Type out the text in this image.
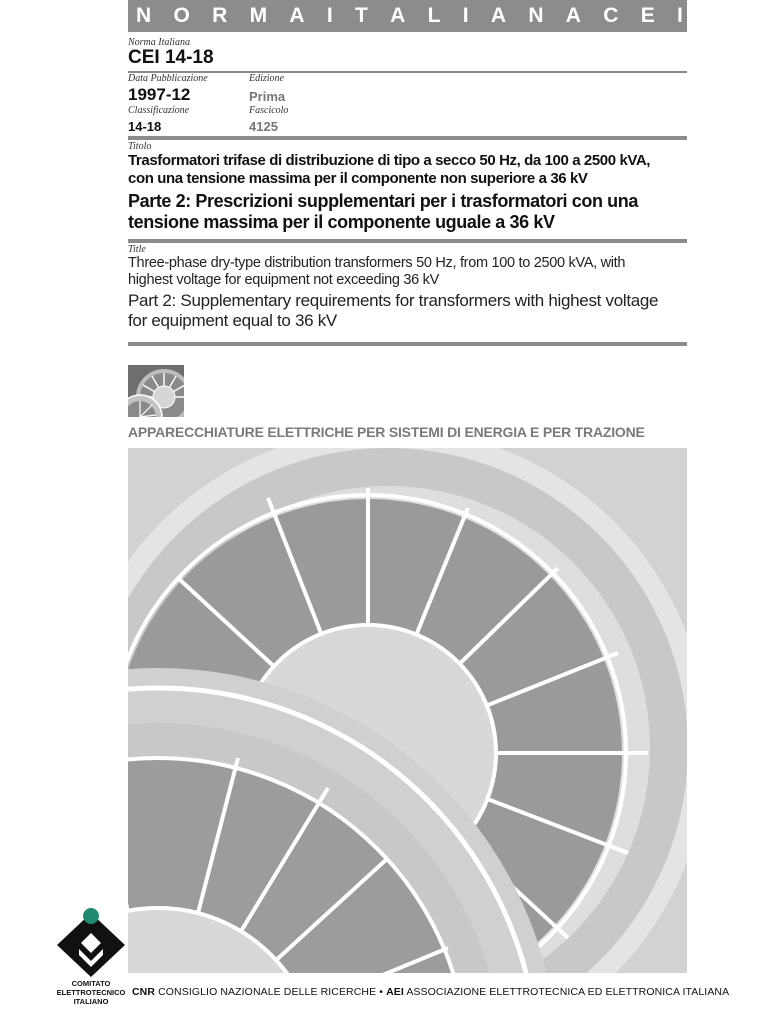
N O R M A I T A L I A N A C E I
Norma Italiana
CEI 14-18
Data Pubblicazione
1997-12
Edizione
Prima
Classificazione
14-18
Fascicolo
4125
Titolo
Trasformatori trifase di distribuzione di tipo a secco 50 Hz, da 100 a 2500 kVA,
con una tensione massima per il componente non superiore a 36 kV
Parte 2: Prescrizioni supplementari per i trasformatori con una
tensione massima per il componente uguale a 36 kV
Title
Three-phase dry-type distribution transformers 50 Hz, from 100 to 2500 kVA, with
highest voltage for equipment not exceeding 36 kV
Part 2: Supplementary requirements for transformers with highest voltage
for equipment equal to 36 kV
APPARECCHIATURE ELETTRICHE PER SISTEMI DI ENERGIA E PER TRAZIONE
COMITATO
ELETTROTECNICO
ITALIANO
CNR CONSIGLIO NAZIONALE DELLE RICERCHE • AEI ASSOCIAZIONE ELETTROTECNICA ED ELETTRONICA ITALIANA
